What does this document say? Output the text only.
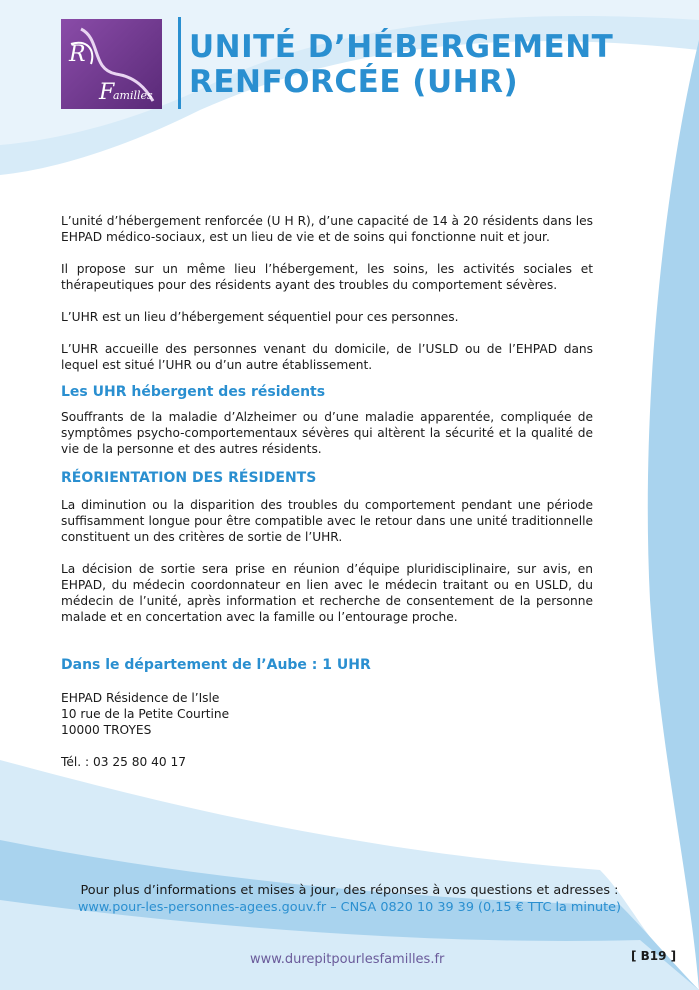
R
amilles
F
UNITÉ D’HÉBERGEMENT
RENFORCÉE (UHR)

L’unité d’hébergement renforcée (U H R), d’une capacité de 14 à 20 résidents dans les EHPAD médico-sociaux, est un lieu de vie et de soins qui fonctionne nuit et jour.

Il propose sur un même lieu l’hébergement, les soins, les activités sociales et thérapeutiques pour des résidents ayant des troubles du comportement sévères.

L’UHR est un lieu d’hébergement séquentiel pour ces personnes.

L’UHR accueille des personnes venant du domicile, de l’USLD ou de l’EHPAD dans lequel est situé l’UHR ou d’un autre établissement.

Les UHR hébergent des résidents

Souffrants de la maladie d’Alzheimer ou d’une maladie apparentée, compliquée de symptômes psycho-comportementaux sévères qui altèrent la sécurité et la qualité de vie de la personne et des autres résidents.

RÉORIENTATION DES RÉSIDENTS

La diminution ou la disparition des troubles du comportement pendant une période suffisamment longue pour être compatible avec le retour dans une unité traditionnelle constituent un des critères de sortie de l’UHR.

La décision de sortie sera prise en réunion d’équipe pluridisciplinaire, sur avis, en EHPAD, du médecin coordonnateur en lien avec le médecin traitant ou en USLD, du médecin de l’unité, après information et recherche de consentement de la personne malade et en concertation avec la famille ou l’entourage proche.

Dans le département de l’Aube : 1 UHR
EHPAD Résidence de l’Isle
10 rue de la Petite Courtine
10000 TROYES
Tél. : 03 25 80 40 17
Pour plus d’informations et mises à jour, des réponses à vos questions et adresses :
www.pour-les-personnes-agees.gouv.fr – CNSA 0820 10 39 39 (0,15 € TTC la minute)
www.durepitpourlesfamilles.fr	[ B19 ]
